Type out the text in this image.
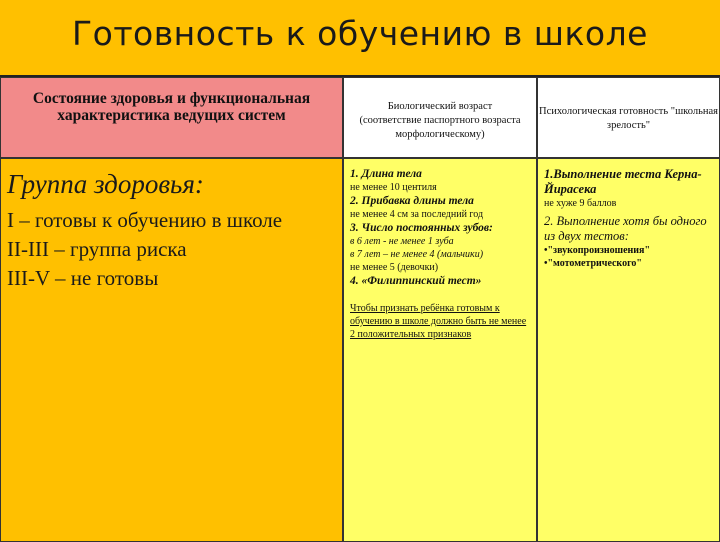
Готовность к обучению в школе
Состояние здоровья и функциональная характеристика ведущих систем
Биологический возраст
(соответствие паспортного возраста морфологическому)
Психологическая готовность "школьная зрелость"
Группа здоровья:
I – готовы к обучению в школе
II-III – группа риска
III-V – не готовы
1. Длина тела
не менее 10 центиля
2. Прибавка длины тела
не менее 4 см за последний год
3. Число постоянных зубов:
в 6 лет - не менее 1 зуба
в 7 лет – не менее 4 (мальчики)
не менее 5 (девочки)
4. «Филиппинский тест»
Чтобы признать ребёнка готовым к обучению в школе должно быть не менее 2 положительных признаков
1.Выполнение теста Керна-Йирасека
не хуже 9 баллов
2. Выполнение хотя бы одного из двух тестов:
•"звукопроизношения"
•"мотометрического"
